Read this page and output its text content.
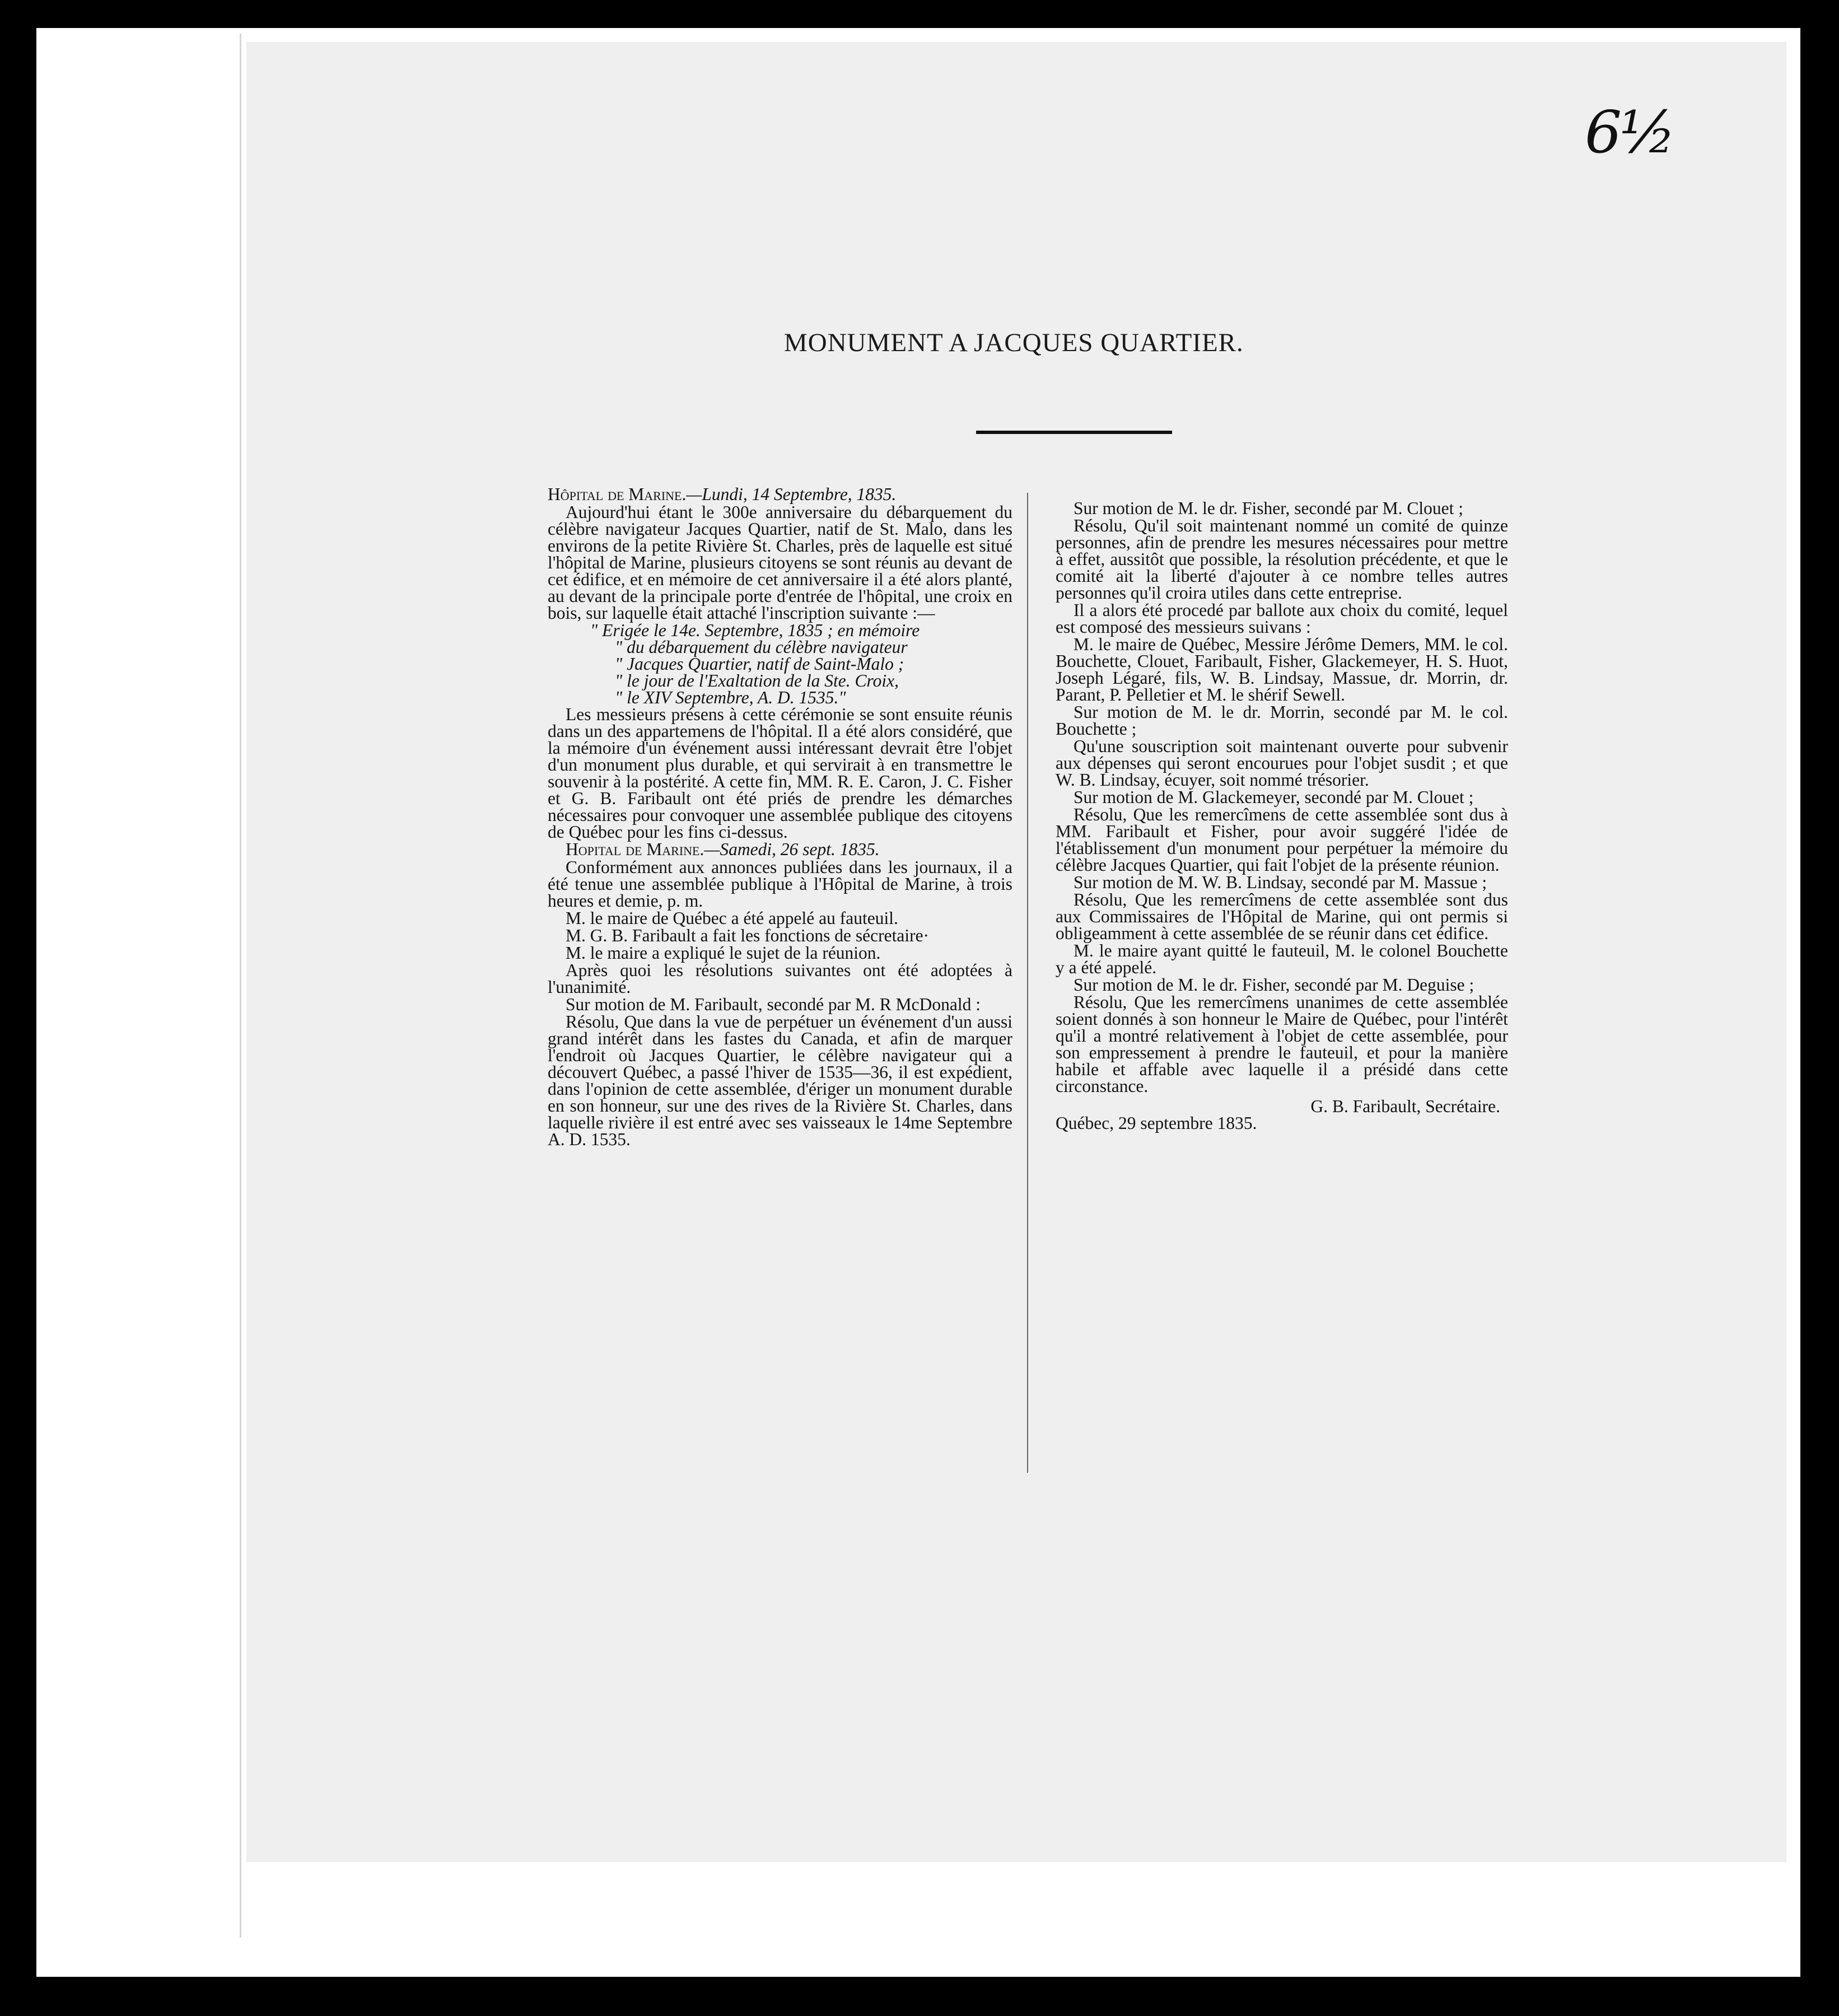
6½
MONUMENT A JACQUES QUARTIER.

Hôpital de Marine.—Lundi, 14 Septembre, 1835.

Aujourd'hui étant le 300e anniversaire du débarquement du célèbre navigateur Jacques Quartier, natif de St. Malo, dans les environs de la petite Rivière St. Charles, près de laquelle est situé l'hôpital de Marine, plusieurs citoyens se sont réunis au devant de cet édifice, et en mémoire de cet anniversaire il a été alors planté, au devant de la principale porte d'entrée de l'hôpital, une croix en bois, sur laquelle était attaché l'inscription suivante :—

" Erigée le 14e. Septembre, 1835 ; en mémoire

" du débarquement du célèbre navigateur

" Jacques Quartier, natif de Saint-Malo ;

" le jour de l'Exaltation de la Ste. Croix,

" le XIV Septembre, A. D. 1535."

Les messieurs présens à cette cérémonie se sont ensuite réunis dans un des appartemens de l'hôpital. Il a été alors considéré, que la mémoire d'un événement aussi intéressant devrait être l'objet d'un monument plus durable, et qui servirait à en transmettre le souvenir à la postérité. A cette fin, MM. R. E. Caron, J. C. Fisher et G. B. Faribault ont été priés de prendre les démarches nécessaires pour convoquer une assemblée publique des citoyens de Québec pour les fins ci-dessus.

Hopital de Marine.—Samedi, 26 sept. 1835.

Conformément aux annonces publiées dans les journaux, il a été tenue une assemblée publique à l'Hôpital de Marine, à trois heures et demie, p. m.

M. le maire de Québec a été appelé au fauteuil.

M. G. B. Faribault a fait les fonctions de sécretaire·

M. le maire a expliqué le sujet de la réunion.

Après quoi les résolutions suivantes ont été adoptées à l'unanimité.

Sur motion de M. Faribault, secondé par M. R McDonald :

Résolu, Que dans la vue de perpétuer un événement d'un aussi grand intérêt dans les fastes du Canada, et afin de marquer l'endroit où Jacques Quartier, le célèbre navigateur qui a découvert Québec, a passé l'hiver de 1535—36, il est expédient, dans l'opinion de cette assemblée, d'ériger un monument durable en son honneur, sur une des rives de la Rivière St. Charles, dans laquelle rivière il est entré avec ses vaisseaux le 14me Septembre A. D. 1535.

Sur motion de M. le dr. Fisher, secondé par M. Clouet ;

Résolu, Qu'il soit maintenant nommé un comité de quinze personnes, afin de prendre les mesures nécessaires pour mettre à effet, aussitôt que possible, la résolution précédente, et que le comité ait la liberté d'ajouter à ce nombre telles autres personnes qu'il croira utiles dans cette entreprise.

Il a alors été procedé par ballote aux choix du comité, lequel est composé des messieurs suivans :

M. le maire de Québec, Messire Jérôme Demers, MM. le col. Bouchette, Clouet, Faribault, Fisher, Glackemeyer, H. S. Huot, Joseph Légaré, fils, W. B. Lindsay, Massue, dr. Morrin, dr. Parant, P. Pelletier et M. le shérif Sewell.

Sur motion de M. le dr. Morrin, secondé par M. le col. Bouchette ;

Qu'une souscription soit maintenant ouverte pour subvenir aux dépenses qui seront encourues pour l'objet susdit ; et que W. B. Lindsay, écuyer, soit nommé trésorier.

Sur motion de M. Glackemeyer, secondé par M. Clouet ;

Résolu, Que les remercîmens de cette assemblée sont dus à MM. Faribault et Fisher, pour avoir suggéré l'idée de l'établissement d'un monument pour perpétuer la mémoire du célèbre Jacques Quartier, qui fait l'objet de la présente réunion.

Sur motion de M. W. B. Lindsay, secondé par M. Massue ;

Résolu, Que les remercîmens de cette assemblée sont dus aux Commissaires de l'Hôpital de Marine, qui ont permis si obligeamment à cette assemblée de se réunir dans cet édifice.

M. le maire ayant quitté le fauteuil, M. le colonel Bouchette y a été appelé.

Sur motion de M. le dr. Fisher, secondé par M. Deguise ;

Résolu, Que les remercîmens unanimes de cette assemblée soient donnés à son honneur le Maire de Québec, pour l'intérêt qu'il a montré relativement à l'objet de cette assemblée, pour son empressement à prendre le fauteuil, et pour la manière habile et affable avec laquelle il a présidé dans cette circonstance.

G. B. Faribault, Secrétaire.

Québec, 29 septembre 1835.
